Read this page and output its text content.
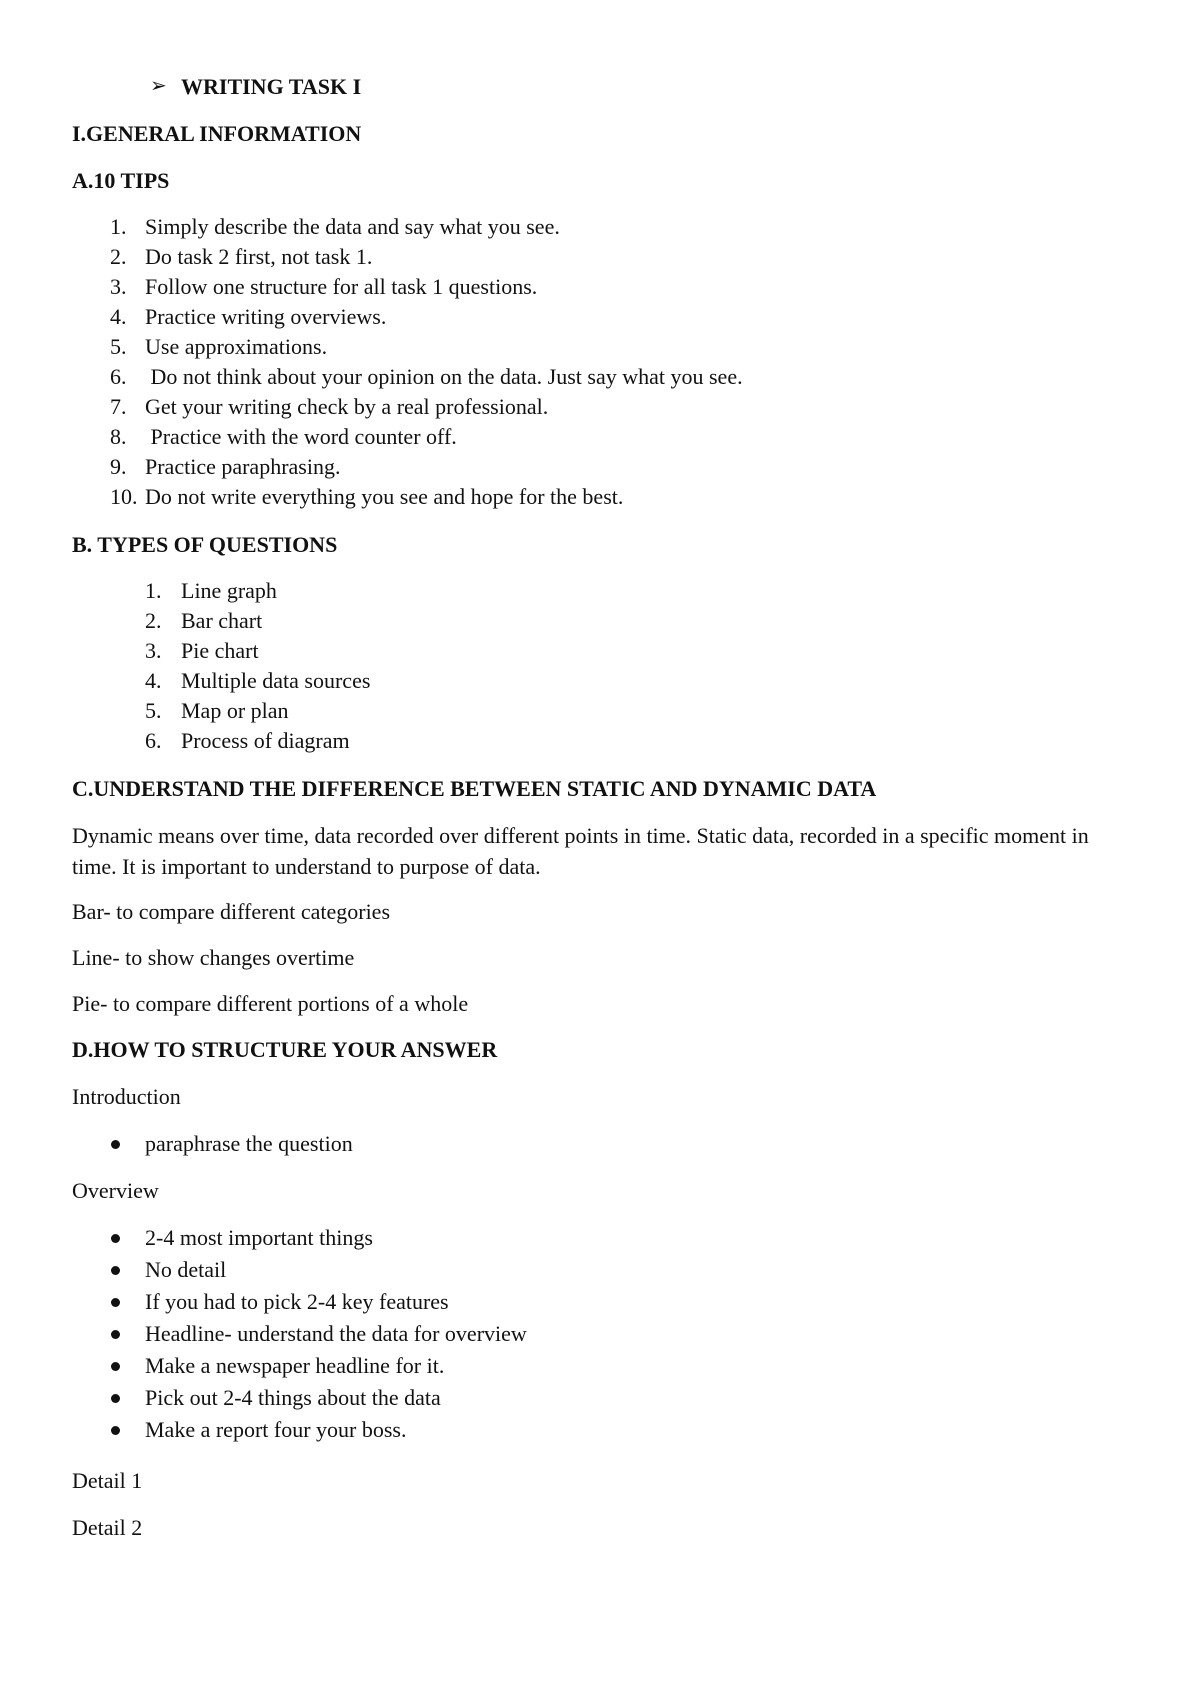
➢ WRITING TASK I

I.GENERAL INFORMATION

A.10 TIPS

1. Simply describe the data and say what you see.
2. Do task 2 first, not task 1.
3. Follow one structure for all task 1 questions.
4. Practice writing overviews.
5. Use approximations.
6. Do not think about your opinion on the data. Just say what you see.
7. Get your writing check by a real professional.
8. Practice with the word counter off.
9. Practice paraphrasing.
10. Do not write everything you see and hope for the best.

B. TYPES OF QUESTIONS

1. Line graph
2. Bar chart
3. Pie chart
4. Multiple data sources
5. Map or plan
6. Process of diagram

C.UNDERSTAND THE DIFFERENCE BETWEEN STATIC AND DYNAMIC DATA

Dynamic means over time, data recorded over different points in time. Static data, recorded in a specific moment in time. It is important to understand to purpose of data.

Bar- to compare different categories

Line- to show changes overtime

Pie- to compare different portions of a whole

D.HOW TO STRUCTURE YOUR ANSWER

Introduction

paraphrase the question

Overview

2-4 most important things
No detail
If you had to pick 2-4 key features
Headline- understand the data for overview
Make a newspaper headline for it.
Pick out 2-4 things about the data
Make a report four your boss.

Detail 1

Detail 2
